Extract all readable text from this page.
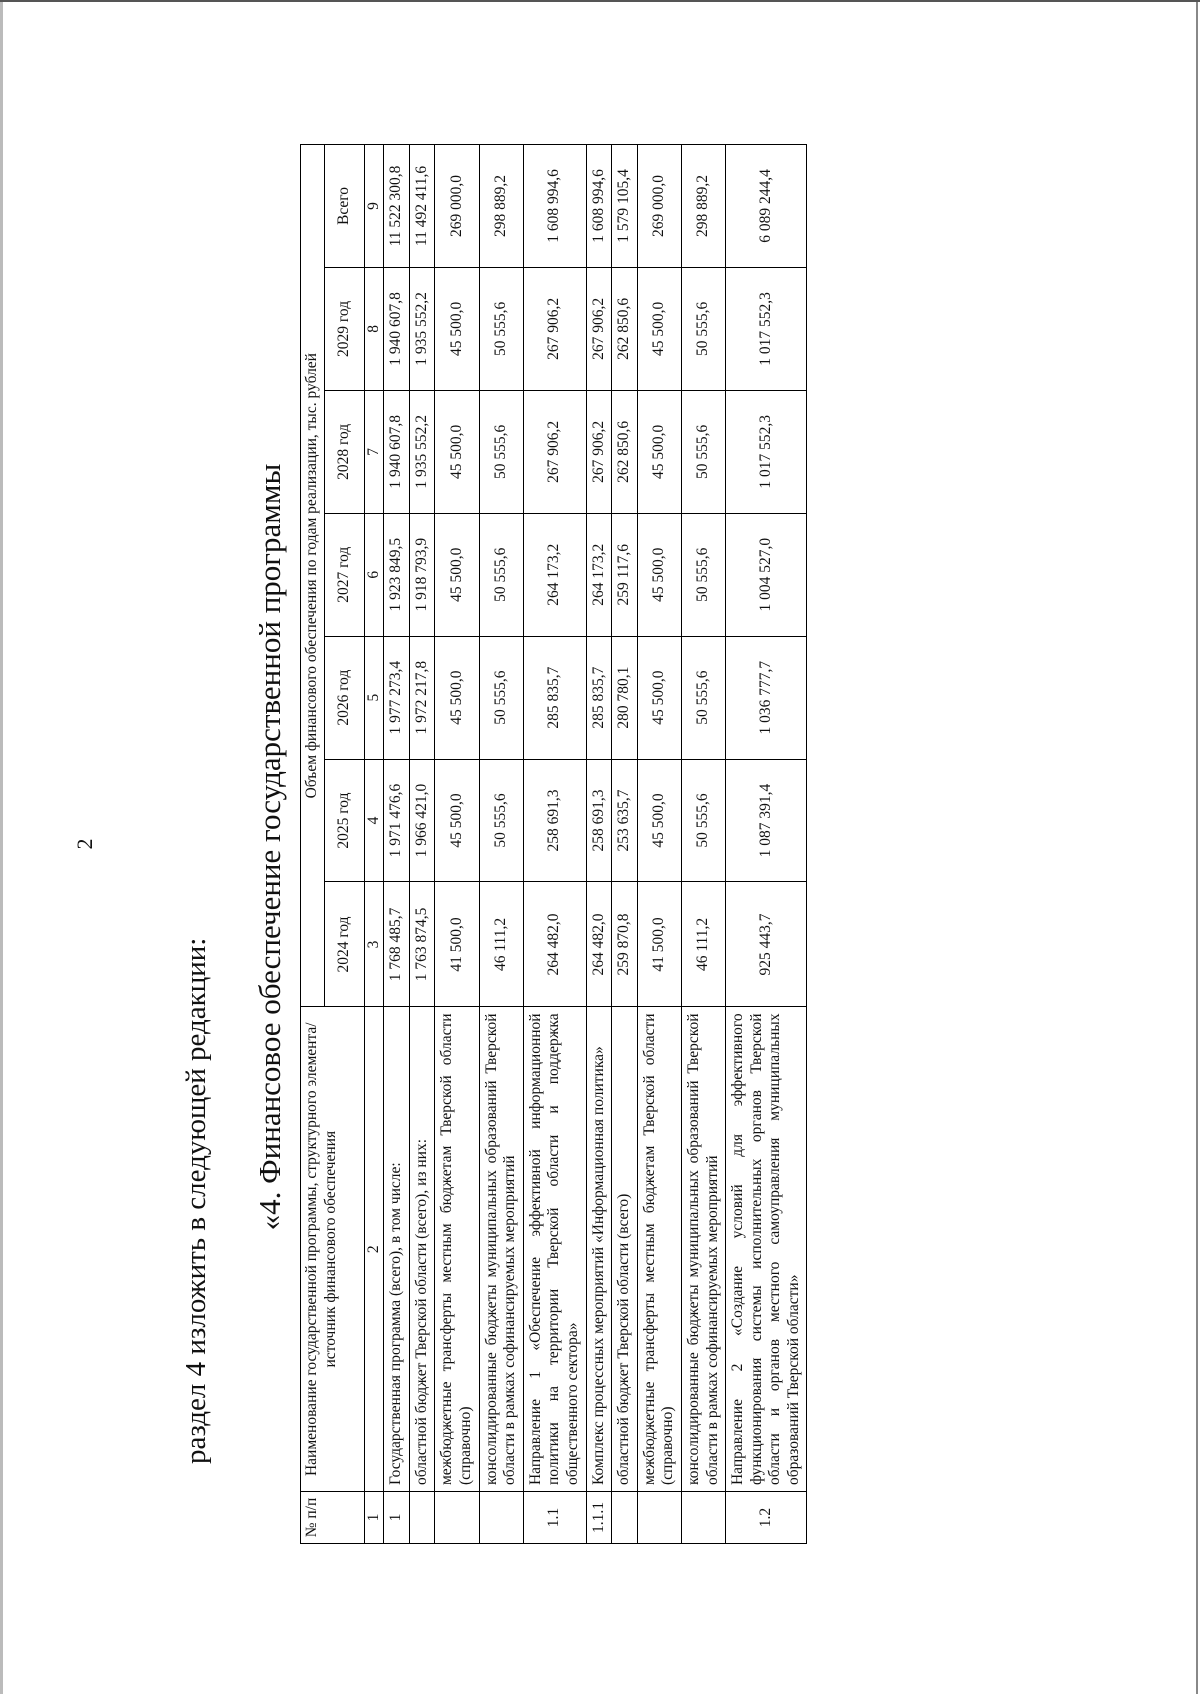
2
раздел 4 изложить в следующей редакции: «4. Финансовое обеспечение государственной программы
№ п/п	Наименование государственной программы, структурного элемента/источник финансового обеспечения	Объем финансового обеспечения по годам реализации, тыс. рублей						
		2024 год	2025 год	2026 год	2027 год	2028 год	2029 год	Всего
1	2	3	4	5	6	7	8	9
1	Государственная программа (всего), в том числе:	1 768 485,7	1 971 476,6	1 977 273,4	1 923 849,5	1 940 607,8	1 940 607,8	11 522 300,8
	областной бюджет Тверской области (всего), из них:	1 763 874,5	1 966 421,0	1 972 217,8	1 918 793,9	1 935 552,2	1 935 552,2	11 492 411,6
	межбюджетные трансферты местным бюджетам Тверской области (справочно)	41 500,0	45 500,0	45 500,0	45 500,0	45 500,0	45 500,0	269 000,0
	консолидированные бюджеты муниципальных образований Тверской области в рамках софинансируемых мероприятий	46 111,2	50 555,6	50 555,6	50 555,6	50 555,6	50 555,6	298 889,2
1.1	Направление 1 «Обеспечение эффективной информационной политики на территории Тверской области и поддержка общественного сектора»	264 482,0	258 691,3	285 835,7	264 173,2	267 906,2	267 906,2	1 608 994,6
1.1.1	Комплекс процессных мероприятий «Информационная политика»	264 482,0	258 691,3	285 835,7	264 173,2	267 906,2	267 906,2	1 608 994,6
	областной бюджет Тверской области (всего)	259 870,8	253 635,7	280 780,1	259 117,6	262 850,6	262 850,6	1 579 105,4
	межбюджетные трансферты местным бюджетам Тверской области (справочно)	41 500,0	45 500,0	45 500,0	45 500,0	45 500,0	45 500,0	269 000,0
	консолидированные бюджеты муниципальных образований Тверской области в рамках софинансируемых мероприятий	46 111,2	50 555,6	50 555,6	50 555,6	50 555,6	50 555,6	298 889,2
1.2	Направление 2 «Создание условий для эффективного функционирования системы исполнительных органов Тверской области и органов местного самоуправления муниципальных образований Тверской области»	925 443,7	1 087 391,4	1 036 777,7	1 004 527,0	1 017 552,3	1 017 552,3	6 089 244,4
